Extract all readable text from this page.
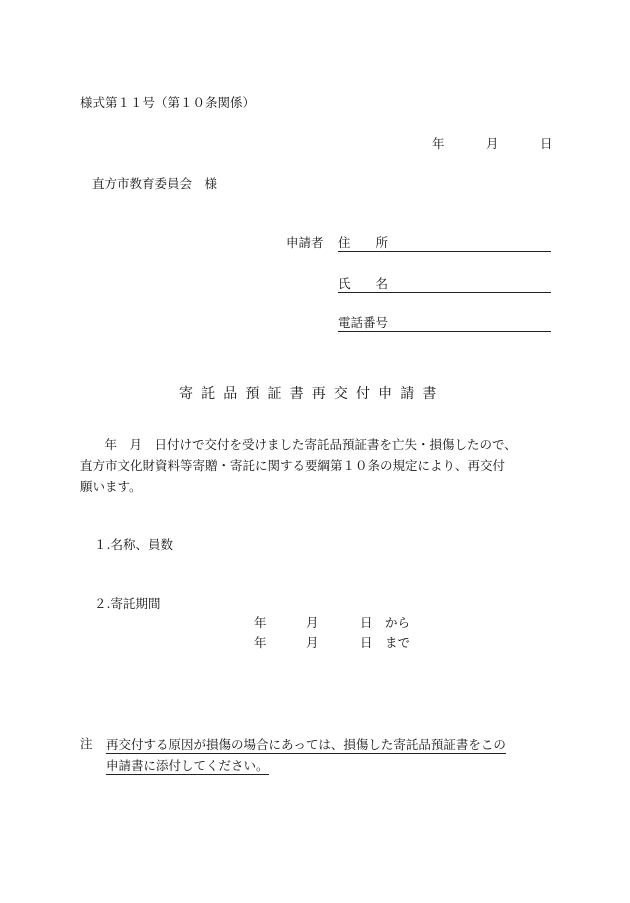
様式第１１号（第１０条関係）
年	月	日
直方市教育委員会　様
申請者 住　　所
氏　　名
電話番号
寄託品預証書再交付申請書
　年　月　日付けで交付を受けました寄託品預証書を亡失・損傷したので、
直方市文化財資料等寄贈・寄託に関する要綱第１０条の規定により、再交付
願います。
１.名称、員数
２.寄託期間
年	月	日 から
年	月	日 まで
注 再交付する原因が損傷の場合にあっては、損傷した寄託品預証書をこの
申請書に添付してください。
